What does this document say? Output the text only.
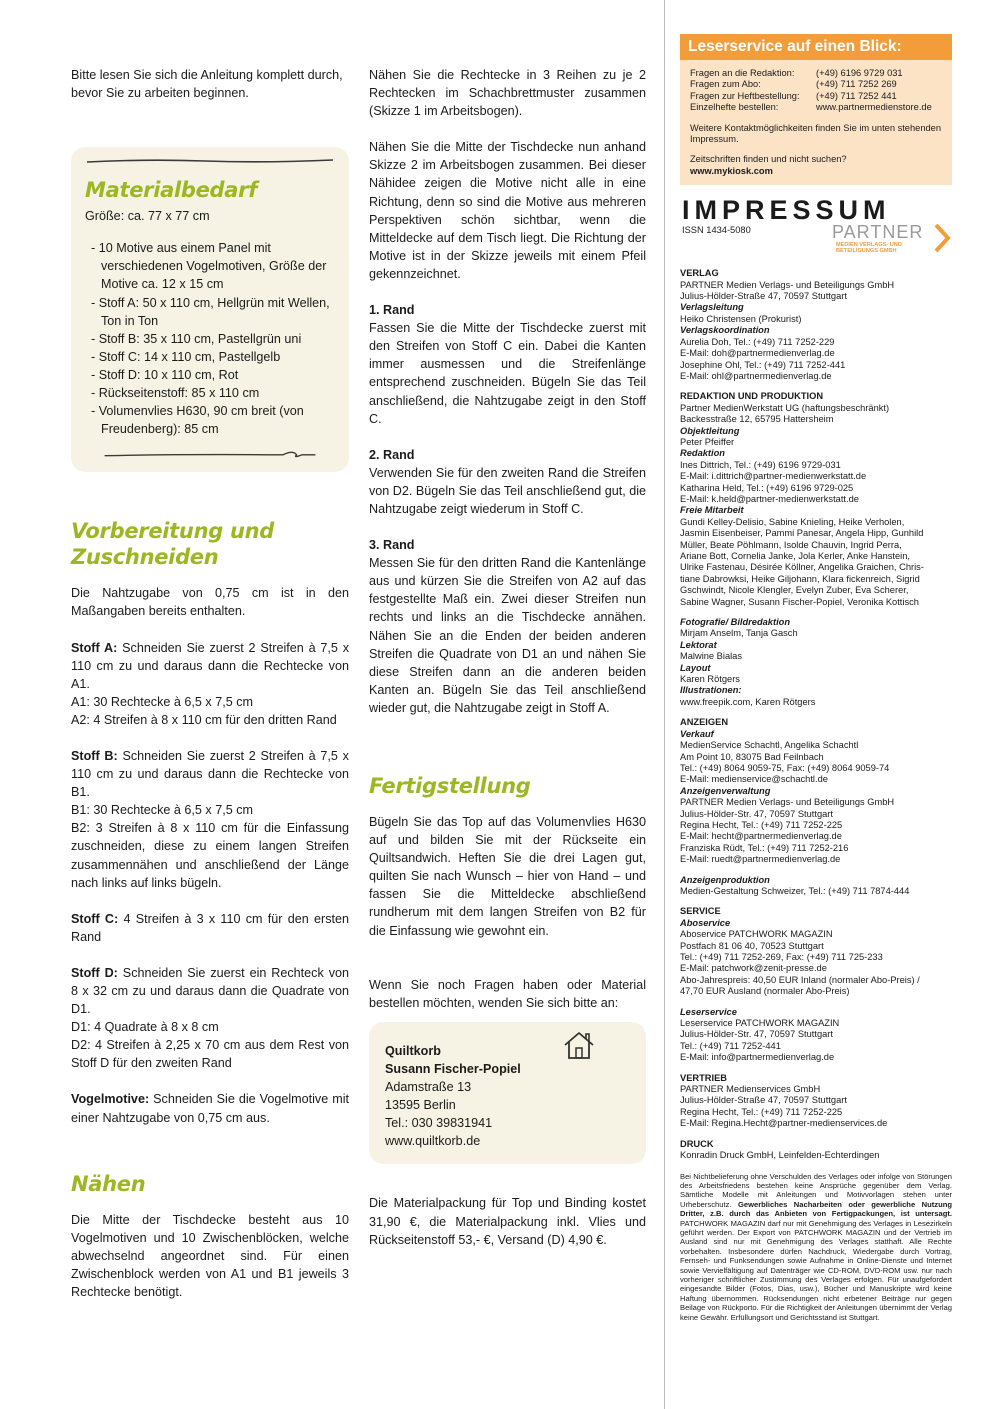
Bitte lesen Sie sich die Anleitung komplett durch, bevor Sie zu arbeiten beginnen.

Materialbedarf

Größe: ca. 77 x 77 cm

- 10 Motive aus einem Panel mit verschiedenen Vogelmotiven, Größe der Motive ca. 12 x 15 cm
- Stoff A: 50 x 110 cm, Hellgrün mit Wellen, Ton in Ton
- Stoff B: 35 x 110 cm, Pastellgrün uni
- Stoff C: 14 x 110 cm, Pastellgelb
- Stoff D: 10 x 110 cm, Rot
- Rückseitenstoff: 85 x 110 cm
- Volumenvlies H630, 90 cm breit (von Freudenberg): 85 cm
Vorbereitung und Zuschneiden

Die Nahtzugabe von 0,75 cm ist in den Maßangaben bereits enthalten.

Stoff A: Schneiden Sie zuerst 2 Streifen à 7,5 x 110 cm zu und daraus dann die Rechtecke von A1.

A1: 30 Rechtecke à 6,5 x 7,5 cm

A2: 4 Streifen à 8 x 110 cm für den dritten Rand

Stoff B: Schneiden Sie zuerst 2 Streifen à 7,5 x 110 cm zu und daraus dann die Rechtecke von B1.

B1: 30 Rechtecke à 6,5 x 7,5 cm

B2: 3 Streifen à 8 x 110 cm für die Einfassung zuschneiden, diese zu einem langen Streifen zusammennähen und anschließend der Länge nach links auf links bügeln.

Stoff C: 4 Streifen à 3 x 110 cm für den ersten Rand

Stoff D: Schneiden Sie zuerst ein Rechteck von 8 x 32 cm zu und daraus dann die Quadrate von D1.

D1: 4 Quadrate à 8 x 8 cm

D2: 4 Streifen à 2,25 x 70 cm aus dem Rest von Stoff D für den zweiten Rand

Vogelmotive: Schneiden Sie die Vogelmotive mit einer Nahtzugabe von 0,75 cm aus.

Nähen

Die Mitte der Tischdecke besteht aus 10 Vogelmotiven und 10 Zwischenblöcken, welche abwechselnd angeordnet sind. Für einen Zwischenblock werden von A1 und B1 jeweils 3 Rechtecke benötigt.

Nähen Sie die Rechtecke in 3 Reihen zu je 2 Rechtecken im Schachbrettmuster zusammen (Skizze 1 im Arbeitsbogen).

Nähen Sie die Mitte der Tischdecke nun anhand Skizze 2 im Arbeitsbogen zusammen. Bei dieser Nähidee zeigen die Motive nicht alle in eine Richtung, denn so sind die Motive aus mehreren Perspektiven schön sichtbar, wenn die Mitteldecke auf dem Tisch liegt. Die Richtung der Motive ist in der Skizze jeweils mit einem Pfeil gekennzeichnet.

1. Rand

Fassen Sie die Mitte der Tischdecke zuerst mit den Streifen von Stoff C ein. Dabei die Kanten immer ausmessen und die Streifenlänge entsprechend zuschneiden. Bügeln Sie das Teil anschließend, die Nahtzugabe zeigt in den Stoff C.

2. Rand

Verwenden Sie für den zweiten Rand die Streifen von D2. Bügeln Sie das Teil anschließend gut, die Nahtzugabe zeigt wiederum in Stoff C.

3. Rand

Messen Sie für den dritten Rand die Kantenlänge aus und kürzen Sie die Streifen von A2 auf das festgestellte Maß ein. Zwei dieser Streifen nun rechts und links an die Tischdecke annähen. Nähen Sie an die Enden der beiden anderen Streifen die Quadrate von D1 an und nähen Sie diese Streifen dann an die anderen beiden Kanten an. Bügeln Sie das Teil anschließend wieder gut, die Nahtzugabe zeigt in Stoff A.

Fertigstellung

Bügeln Sie das Top auf das Volumenvlies H630 auf und bilden Sie mit der Rückseite ein Quiltsandwich. Heften Sie die drei Lagen gut, quilten Sie nach Wunsch – hier von Hand – und fassen Sie die Mitteldecke abschließend rundherum mit dem langen Streifen von B2 für die Einfassung wie gewohnt ein.

Wenn Sie noch Fragen haben oder Material bestellen möchten, wenden Sie sich bitte an:

Quiltkorb

Susann Fischer-Popiel

Adamstraße 13

13595 Berlin

Tel.: 030 39831941

www.quiltkorb.de

Die Materialpackung für Top und Binding kostet 31,90 €, die Materialpackung inkl. Vlies und Rückseitenstoff 53,- €, Versand (D) 4,90 €.

Leserservice auf einen Blick:
Fragen an die Redaktion:	(+49) 6196 9729 031
Fragen zum Abo:	(+49) 711 7252 269
Fragen zur Heftbestellung:	(+49) 711 7252 441
Einzelhefte bestellen:	www.partnermedienstore.de

Weitere Kontaktmöglichkeiten finden Sie im unten stehenden Impressum.

Zeitschriften finden und nicht suchen?

www.mykiosk.com

IMPRESSUM
ISSN 1434-5080	PARTNER
MEDIEN VERLAGS- UND
BETEILIGUNGS GMBH
VERLAG
PARTNER Medien Verlags- und Beteiligungs GmbH
Julius-Hölder-Straße 47, 70597 Stuttgart
Verlagsleitung
Heiko Christensen (Prokurist)
Verlagskoordination
Aurelia Doh, Tel.: (+49) 711 7252-229
E-Mail: doh@partnermedienverlag.de
Josephine Ohl, Tel.: (+49) 711 7252-441
E-Mail: ohl@partnermedienverlag.de
REDAKTION UND PRODUKTION
Partner MedienWerkstatt UG (haftungsbeschränkt)
Backesstraße 12, 65795 Hattersheim
Objektleitung
Peter Pfeiffer
Redaktion
Ines Dittrich, Tel.: (+49) 6196 9729-031
E-Mail: i.dittrich@partner-medienwerkstatt.de
Katharina Held, Tel.: (+49) 6196 9729-025
E-Mail: k.held@partner-medienwerkstatt.de
Freie Mitarbeit
Gundi Kelley-Delisio, Sabine Knieling, Heike Verholen,
Jasmin Eisenbeiser, Pammi Panesar, Angela Hipp, Gunhild
Müller, Beate Pöhlmann, Isolde Chauvin, Ingrid Perra,
Ariane Bott, Cornelia Janke, Jola Kerler, Anke Hanstein,
Ulrike Fastenau, Désirée Köllner, Angelika Graichen, Chris-
tiane Dabrowksi, Heike Giljohann, Klara fickenreich, Sigrid
Gschwindt, Nicole Klengler, Evelyn Zuber, Eva Scherer,
Sabine Wagner, Susann Fischer-Popiel, Veronika Kottisch
Fotografie/ Bildredaktion
Mirjam Anselm, Tanja Gasch
Lektorat
Malwine Bialas
Layout
Karen Rötgers
Illustrationen:
www.freepik.com, Karen Rötgers
ANZEIGEN
Verkauf
MedienService Schachtl, Angelika Schachtl
Am Point 10, 83075 Bad Feilnbach
Tel.: (+49) 8064 9059-75, Fax: (+49) 8064 9059-74
E-Mail: medienservice@schachtl.de
Anzeigenverwaltung
PARTNER Medien Verlags- und Beteiligungs GmbH
Julius-Hölder-Str. 47, 70597 Stuttgart
Regina Hecht, Tel.: (+49) 711 7252-225
E-Mail: hecht@partnermedienverlag.de
Franziska Rüdt, Tel.: (+49) 711 7252-216
E-Mail: ruedt@partnermedienverlag.de
Anzeigenproduktion
Medien-Gestaltung Schweizer, Tel.: (+49) 711 7874-444
SERVICE
Aboservice
Aboservice PATCHWORK MAGAZIN
Postfach 81 06 40, 70523 Stuttgart
Tel.: (+49) 711 7252-269, Fax: (+49) 711 725-233
E-Mail: patchwork@zenit-presse.de
Abo-Jahrespreis: 40,50 EUR Inland (normaler Abo-Preis) /
47,70 EUR Ausland (normaler Abo-Preis)
Leserservice
Leserservice PATCHWORK MAGAZIN
Julius-Hölder-Str. 47, 70597 Stuttgart
Tel.: (+49) 711 7252-441
E-Mail: info@partnermedienverlag.de
VERTRIEB
PARTNER Medienservices GmbH
Julius-Hölder-Straße 47, 70597 Stuttgart
Regina Hecht, Tel.: (+49) 711 7252-225
E-Mail: Regina.Hecht@partner-medienservices.de
DRUCK
Konradin Druck GmbH, Leinfelden-Echterdingen

Bei Nichtbelieferung ohne Verschulden des Verlages oder infolge von Störungen des Arbeitsfriedens bestehen keine Ansprüche gegenüber dem Verlag. Sämtliche Modelle mit Anleitungen und Motivvorlagen stehen unter Urheberschutz. Gewerbliches Nacharbeiten oder gewerbliche Nutzung Dritter, z.B. durch das Anbieten von Fertigpackungen, ist untersagt. PATCHWORK MAGAZIN darf nur mit Genehmigung des Verlages in Lesezirkeln geführt werden. Der Export von PATCHWORK MAGAZIN und der Vertrieb im Ausland sind nur mit Genehmigung des Verlages statthaft. Alle Rechte vorbehalten. Insbesondere dürfen Nachdruck, Wiedergabe durch Vortrag, Fernseh- und Funksendungen sowie Aufnahme in Online-Dienste und Internet sowie Vervielfältigung auf Datenträger wie CD-ROM, DVD-ROM usw. nur nach vorheriger schriftlicher Zustimmung des Verlages erfolgen. Für unaufgefordert eingesandte Bilder (Fotos, Dias, usw.), Bücher und Manuskripte wird keine Haftung übernommen. Rücksendungen nicht erbetener Beiträge nur gegen Beilage von Rückporto. Für die Richtigkeit der Anleitungen übernimmt der Verlag keine Gewähr. Erfüllungsort und Gerichtsstand ist Stuttgart.
